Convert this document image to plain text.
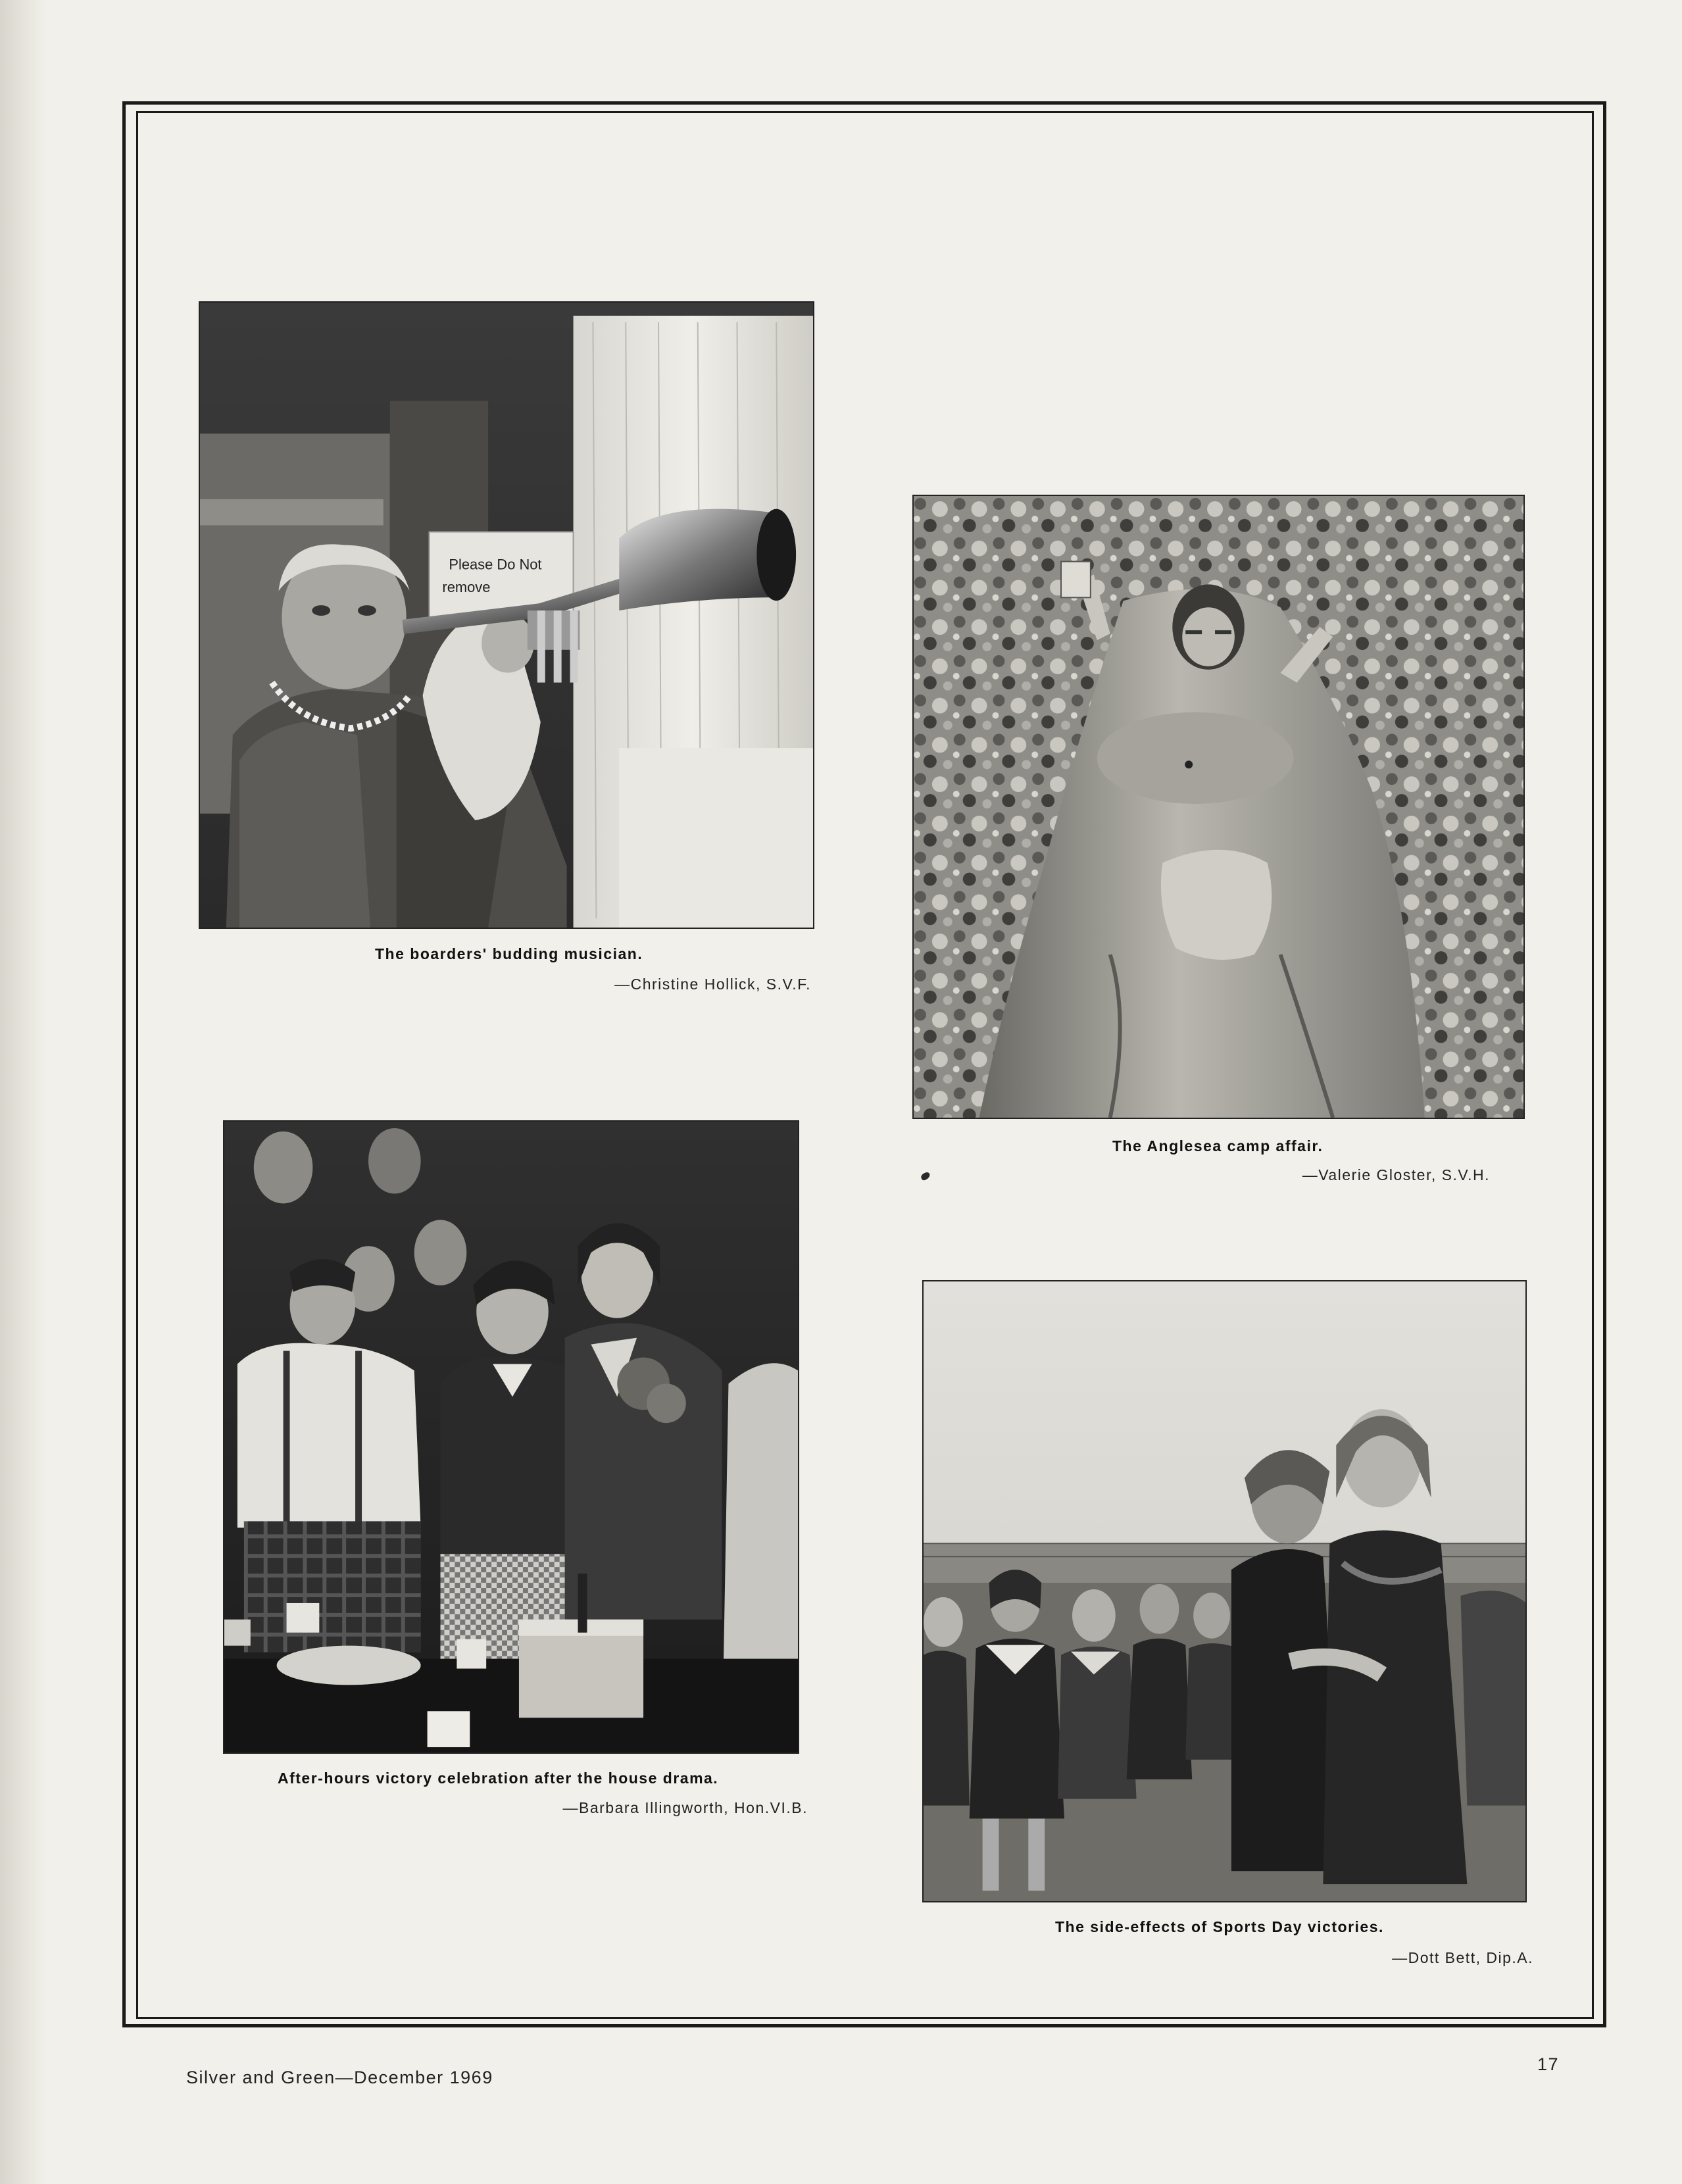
Please Do Not
remove
The boarders' budding musician.
—Christine Hollick, S.V.F.
The Anglesea camp affair.
—Valerie Gloster, S.V.H.
After-hours victory celebration after the house drama.
—Barbara Illingworth, Hon.VI.B.
The side-effects of Sports Day victories.
—Dott Bett, Dip.A.
Silver and Green—December 1969
17
